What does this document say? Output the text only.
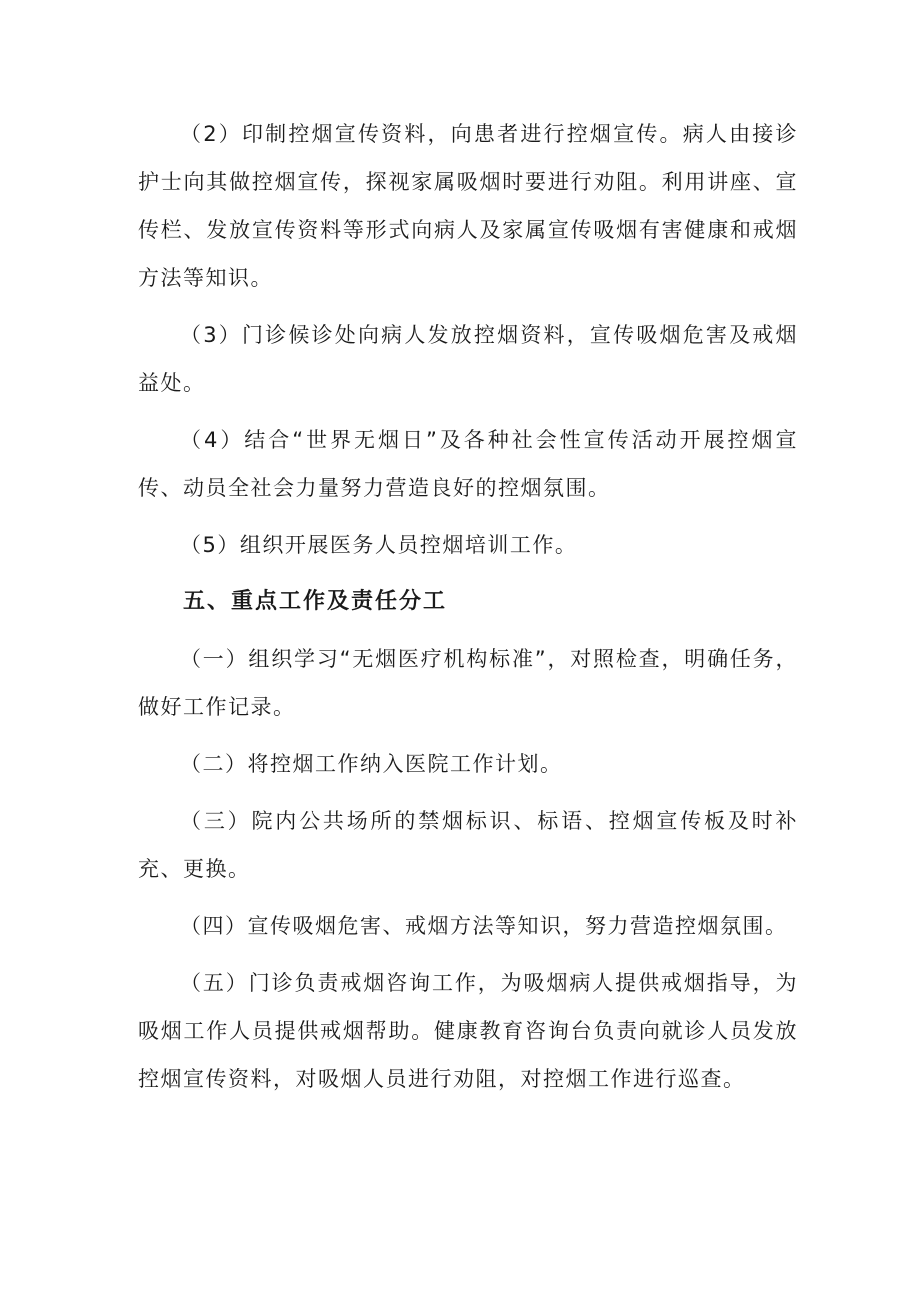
（2）印制控烟宣传资料，向患者进行控烟宣传。病人由接诊护士向其做控烟宣传，探视家属吸烟时要进行劝阻。利用讲座、宣传栏、发放宣传资料等形式向病人及家属宣传吸烟有害健康和戒烟方法等知识。

（3）门诊候诊处向病人发放控烟资料，宣传吸烟危害及戒烟益处。

（4）结合“世界无烟日”及各种社会性宣传活动开展控烟宣传、动员全社会力量努力营造良好的控烟氛围。

（5）组织开展医务人员控烟培训工作。

五、重点工作及责任分工

（一）组织学习“无烟医疗机构标准”，对照检查，明确任务，做好工作记录。

（二）将控烟工作纳入医院工作计划。

（三）院内公共场所的禁烟标识、标语、控烟宣传板及时补充、更换。

（四）宣传吸烟危害、戒烟方法等知识，努力营造控烟氛围。

（五）门诊负责戒烟咨询工作，为吸烟病人提供戒烟指导，为吸烟工作人员提供戒烟帮助。健康教育咨询台负责向就诊人员发放控烟宣传资料，对吸烟人员进行劝阻，对控烟工作进行巡查。
